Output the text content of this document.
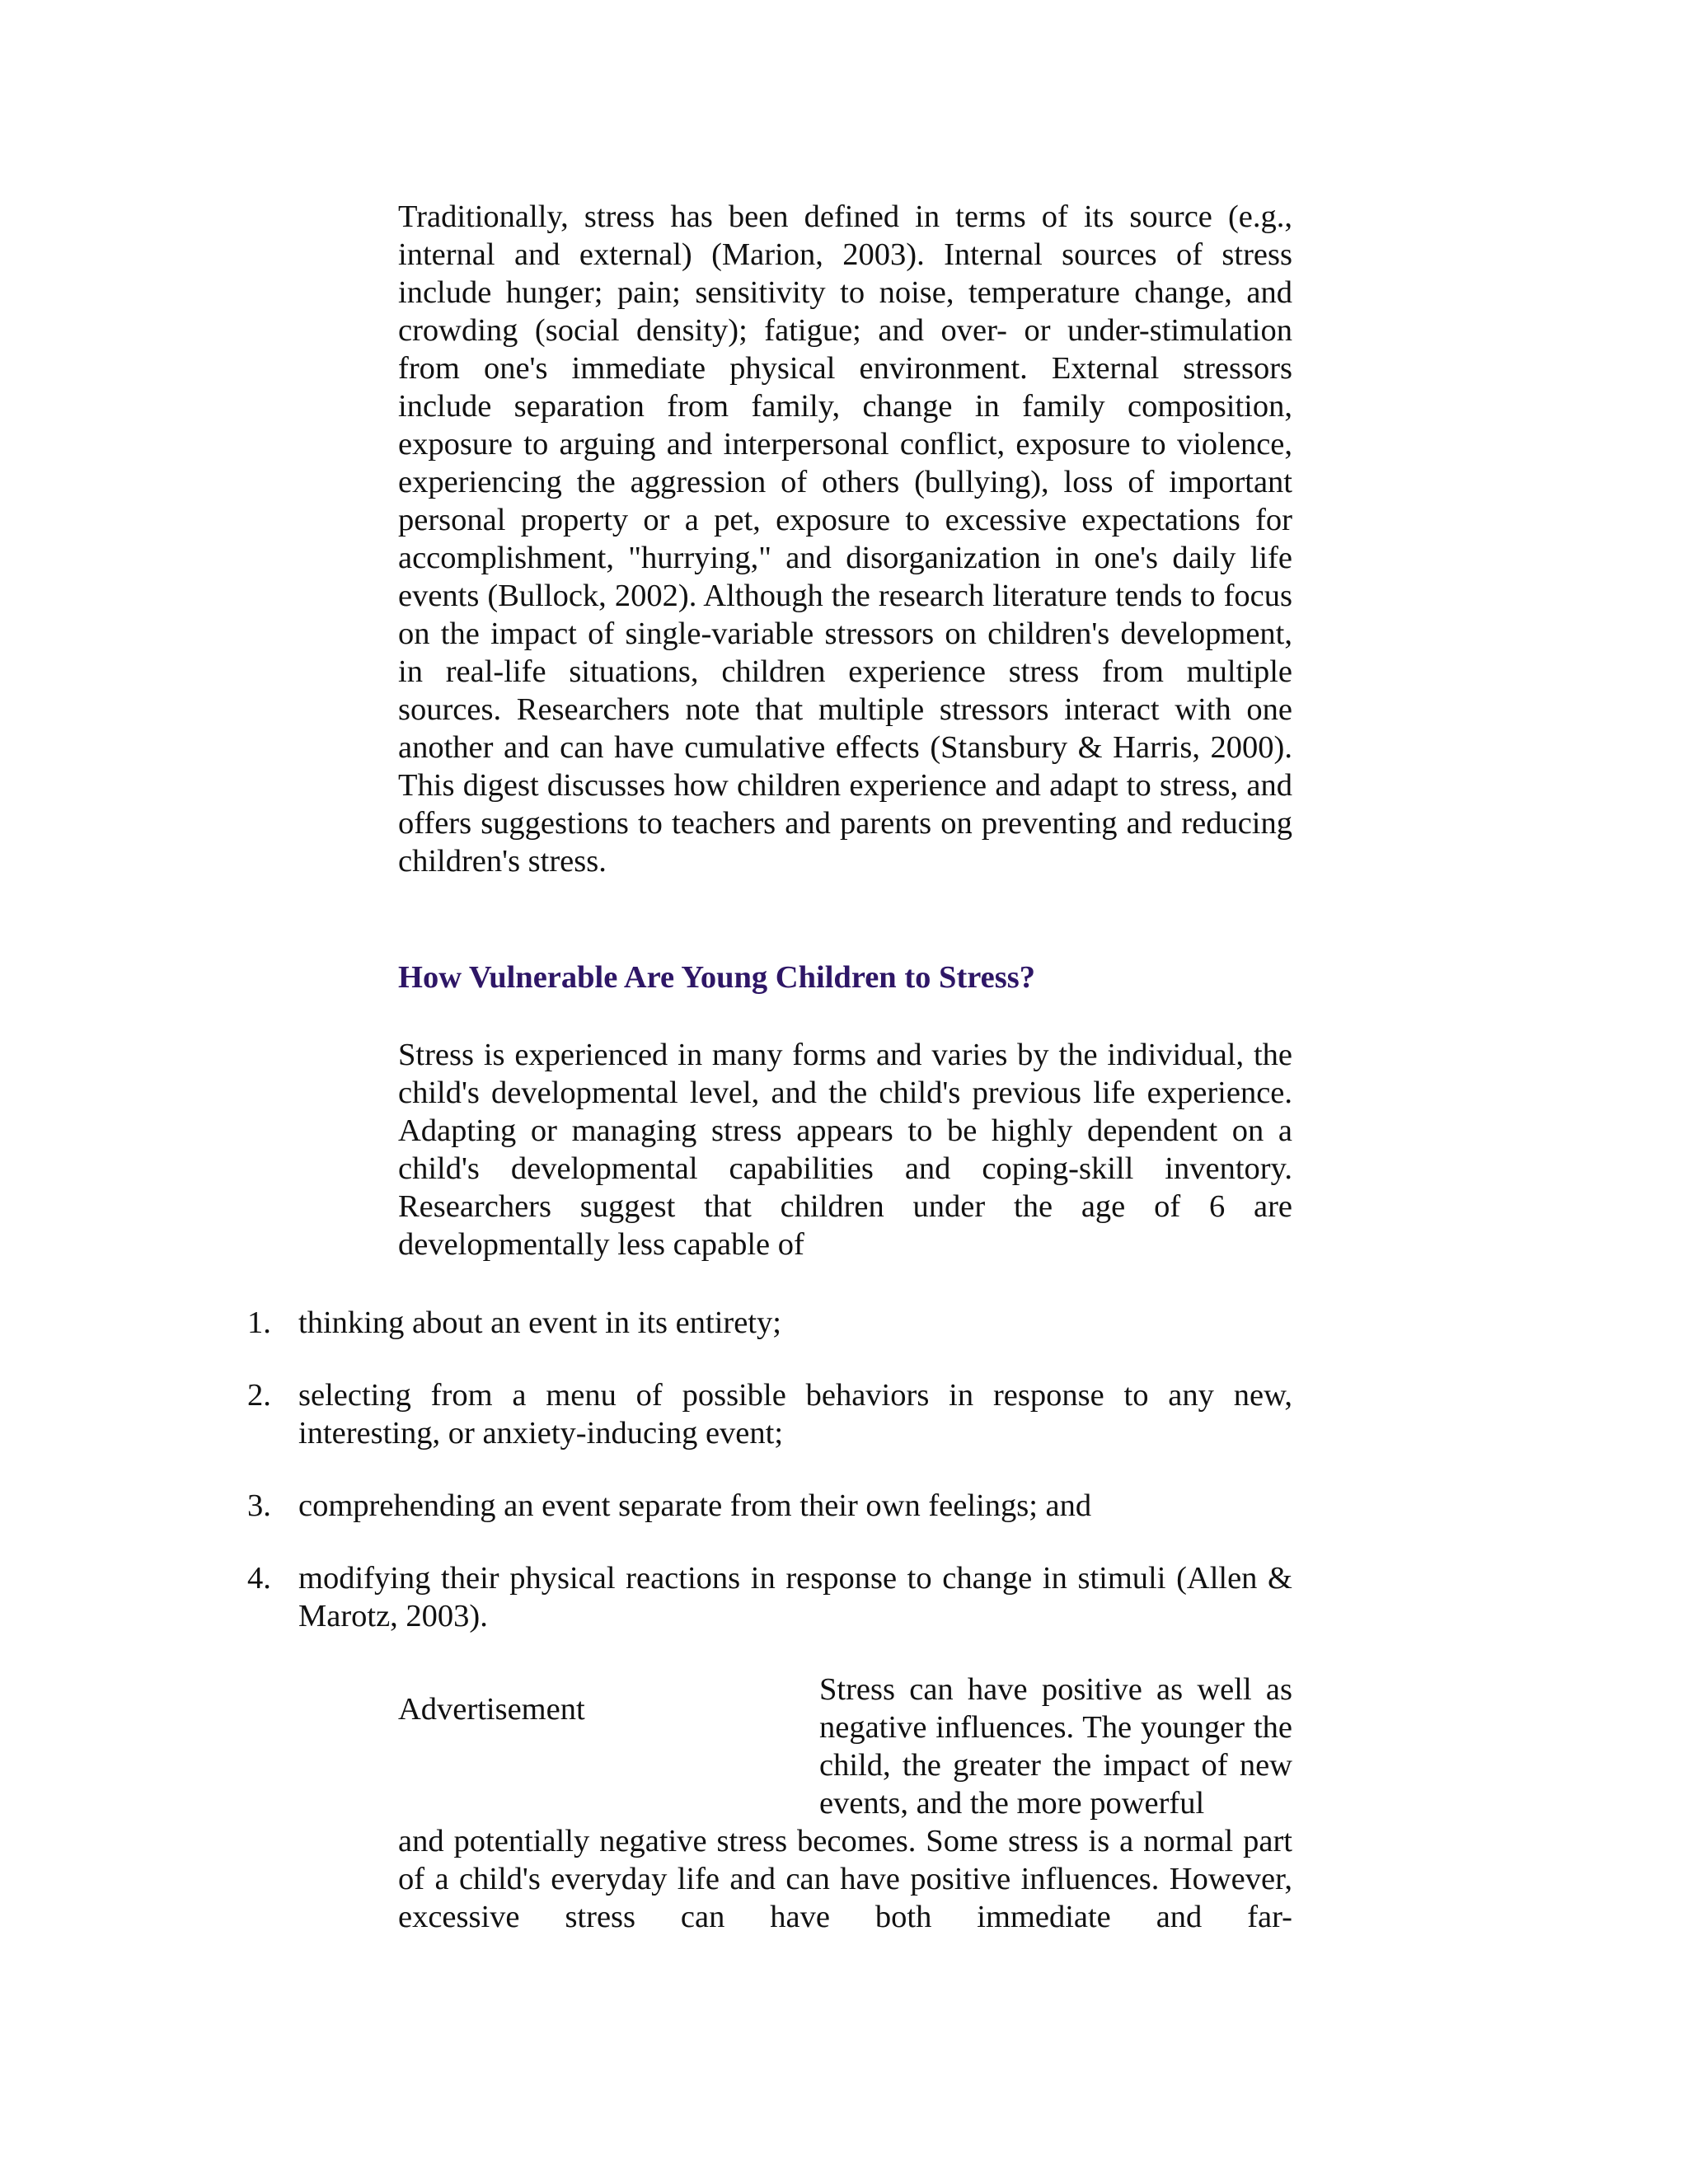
Traditionally, stress has been defined in terms of its source (e.g., internal and external) (Marion, 2003). Internal sources of stress include hunger; pain; sensitivity to noise, temperature change, and crowding (social density); fatigue; and over- or under-stimulation from one's immediate physical environment. External stressors include separation from family, change in family composition, exposure to arguing and interpersonal conflict, exposure to violence, experiencing the aggression of others (bullying), loss of important personal property or a pet, exposure to excessive expectations for accomplishment, "hurrying," and disorganization in one's daily life events (Bullock, 2002). Although the research literature tends to focus on the impact of single-variable stressors on children's development, in real-life situations, children experience stress from multiple sources. Researchers note that multiple stressors interact with one another and can have cumulative effects (Stansbury & Harris, 2000). This digest discusses how children experience and adapt to stress, and offers suggestions to teachers and parents on preventing and reducing children's stress.

How Vulnerable Are Young Children to Stress?

Stress is experienced in many forms and varies by the individual, the child's developmental level, and the child's previous life experience. Adapting or managing stress appears to be highly dependent on a child's developmental capabilities and coping-skill inventory. Researchers suggest that children under the age of 6 are developmentally less capable of

1. thinking about an event in its entirety;
2. selecting from a menu of possible behaviors in response to any new, interesting, or anxiety-inducing event;
3. comprehending an event separate from their own feelings; and
4. modifying their physical reactions in response to change in stimuli (Allen & Marotz, 2003).
Advertisement

Stress can have positive as well as negative influences. The younger the child, the greater the impact of new events, and the more powerful

and potentially negative stress becomes. Some stress is a normal part of a child's everyday life and can have positive influences. However, excessive stress can have both immediate and far-
